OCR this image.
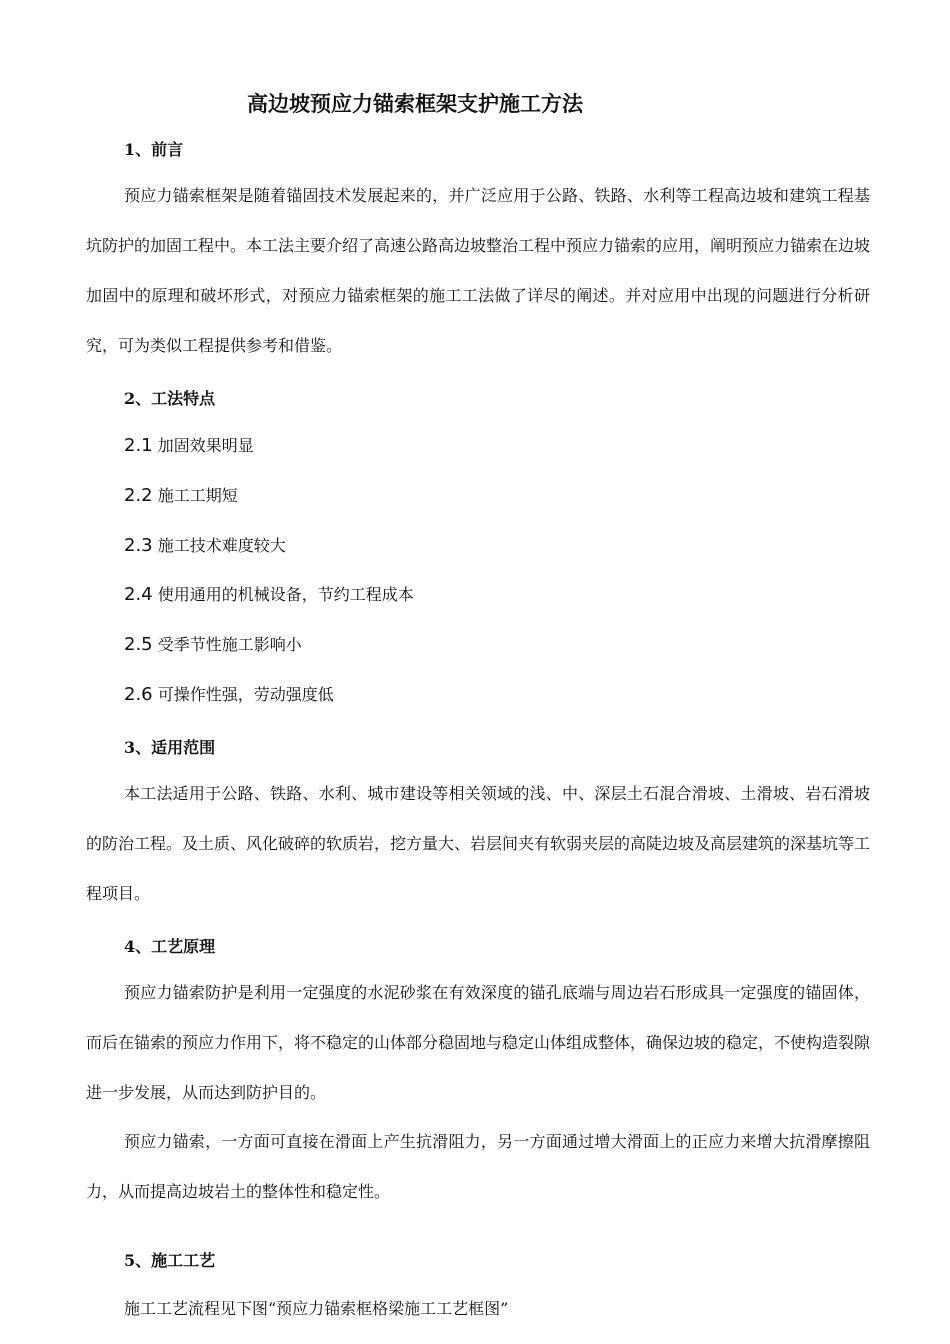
高边坡预应力锚索框架支护施工方法
1、前言

预应力锚索框架是随着锚固技术发展起来的，并广泛应用于公路、铁路、水利等工程高边坡和建筑工程基坑防护的加固工程中。本工法主要介绍了高速公路高边坡整治工程中预应力锚索的应用，阐明预应力锚索在边坡加固中的原理和破坏形式，对预应力锚索框架的施工工法做了详尽的阐述。并对应用中出现的问题进行分析研究，可为类似工程提供参考和借鉴。

2、工法特点
2.1 加固效果明显
2.2 施工工期短
2.3 施工技术难度较大
2.4 使用通用的机械设备，节约工程成本
2.5 受季节性施工影响小
2.6 可操作性强，劳动强度低
3、适用范围

本工法适用于公路、铁路、水利、城市建设等相关领域的浅、中、深层土石混合滑坡、土滑坡、岩石滑坡的防治工程。及土质、风化破碎的软质岩，挖方量大、岩层间夹有软弱夹层的高陡边坡及高层建筑的深基坑等工程项目。

4、工艺原理

预应力锚索防护是利用一定强度的水泥砂浆在有效深度的锚孔底端与周边岩石形成具一定强度的锚固体，而后在锚索的预应力作用下，将不稳定的山体部分稳固地与稳定山体组成整体，确保边坡的稳定，不使构造裂隙进一步发展，从而达到防护目的。

预应力锚索，一方面可直接在滑面上产生抗滑阻力，另一方面通过增大滑面上的正应力来增大抗滑摩擦阻力，从而提高边坡岩土的整体性和稳定性。

5、施工工艺
施工工艺流程见下图“预应力锚索框格梁施工工艺框图”
